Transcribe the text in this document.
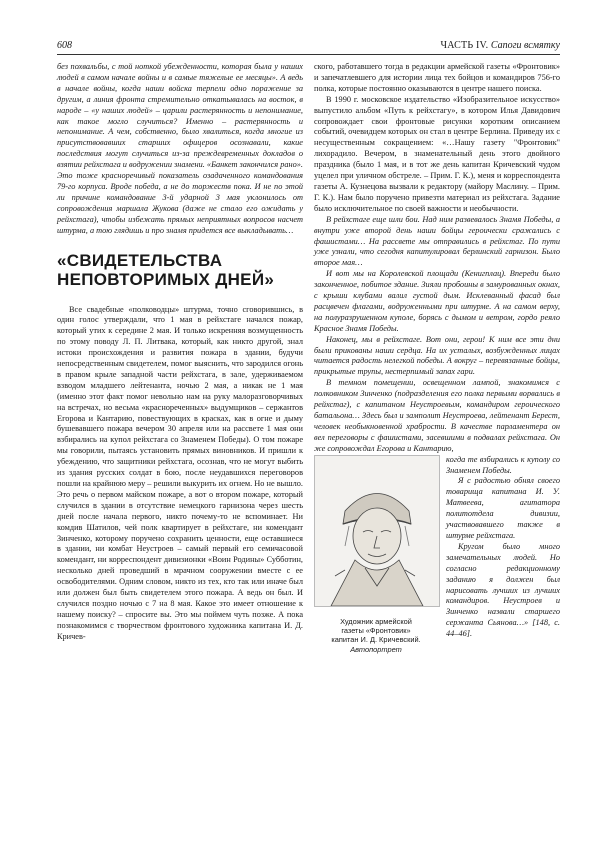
608	ЧАСТЬ IV. Сапоги всмятку

без похвальбы, с той ноткой убежденности, которая была у наших людей в самом начале войны и в самые тяжелые ее месяцы». А ведь в начале войны, когда наши войска терпели одно поражение за другим, а линия фронта стремительно откатывалась на восток, в народе – «у наших людей» – царили растерянность и непонимание, как такое могло случиться? Именно – растерянность и непонимание. А чем, собственно, было хвалиться, когда многие из присутствовавших старших офицеров осознавали, какие последствия могут случиться из-за преждевременных докладов о взятии рейхстага и водружении знамени. «Банкет закончился рано». Это тоже красноречивый показатель озадаченного командования 79-го корпуса. Вроде победа, а не до торжеств пока. И не по этой ли причине командование 3-й ударной 3 мая уклонилось от сопровождения маршала Жукова (даже не стало его ожидать у рейхстага), чтобы избежать прямых неприятных вопросов насчет штурма, а тою глядишь и про знамя придется все выкладывать…

«СВИДЕТЕЛЬСТВА
НЕПОВТОРИМЫХ ДНЕЙ»

Все свадебные «полководцы» штурма, точно сговорившись, в один голос утверждали, что 1 мая в рейхстаге начался пожар, который утих к середине 2 мая. И только искренняя возмущенность по этому поводу Л. П. Литвака, который, как никто другой, знал истоки происхождения и развития пожара в здании, будучи непосредственным свидетелем, помог выяснить, что зародился огонь в правом крыле западной части рейхстага, в зале, удерживаемом взводом младшего лейтенанта, ночью 2 мая, а никак не 1 мая (именно этот факт помог невольно нам на руку малоразговорчивых на встречах, но весьма «краснореченных» выдумщиков – сержантов Егорова и Кантарию, повествующих в красках, как в огне и дыму бушевавшего пожара вечером 30 апреля или на рассвете 1 мая они взбирались на купол рейхстага со Знаменем Победы). О том пожаре мы говорили, пытаясь установить прямых виновников. И пришли к убеждению, что защитники рейхстага, осознав, что не могут выбить из здания русских солдат в бою, после неудавшихся переговоров пошли на крайнюю меру – решили выкурить их огнем. Но не вышло. Это речь о первом майском пожаре, а вот о втором пожаре, который случился в здании в отсутствие немецкого гарнизона через шесть дней после начала первого, никто почему-то не вспоминает. Ни комдив Шатилов, чей полк квартирует в рейхстаге, ни комендант Зинченко, которому поручено сохранить ценности, еще оставшиеся в здании, ни комбат Неустроев – самый первый его семичасовой комендант, ни корреспондент дивизионки «Воин Родины» Субботин, несколько дней проведший в мрачном сооружении вместе с ее освободителями. Одним словом, никто из тех, кто так или иначе был или должен был быть свидетелем этого пожара. А ведь он был. И случился поздно ночью с 7 на 8 мая. Какое это имеет отношение к нашему поиску? – спросите вы. Это мы поймем чуть позже. А пока познакомимся с творчеством фронтового художника капитана И. Д. Кричев-

ского, работавшего тогда в редакции армейской газеты «Фронтовик» и запечатлевшего для истории лица тех бойцов и командиров 756-го полка, которые постоянно оказываются в центре нашего поиска.

В 1990 г. московское издательство «Изобразительное искусство» выпустило альбом «Путь к рейхстагу», в котором Илья Давидович сопровождает свои фронтовые рисунки коротким описанием событий, очевидцем которых он стал в центре Берлина. Приведу их с несущественным сокращением: «…Нашу газету "Фронтовик" лихорадило. Вечером, в знаменательный день этого двойного праздника (было 1 мая, и в тот же день капитан Кричевский чудом уцелел при уличном обстреле. – Прим. Г. К.), меня и корреспондента газеты А. Кузнецова вызвали к редактору (майору Маслину. – Прим. Г. К.). Нам было поручено привезти материал из рейхстага. Задание было исключительное по своей важности и необычности.

В рейхстаге еще шли бои. Над ним развевалось Знамя Победы, а внутри уже второй день наши бойцы героически сражались с фашистами… На рассвете мы отправились в рейхстаг. По пути уже узнали, что сегодня капитулировал берлинский гарнизон. Было второе мая…

И вот мы на Королевской площади (Кенигплац). Впереди было законченное, побитое здание. Зияли пробоины в замурованных окнах, с крыши клубами валил густой дым. Исклеванный фасад был расцвечен флагами, водруженными при штурме. А на самом верху, на полуразрушенном куполе, борясь с дымом и ветром, гордо реяло Красное Знамя Победы.

Наконец, мы в рейхстаге. Вот они, герои! К ним все эти дни были прикованы наши сердца. На их усталых, возбужденных лицах читается радость нелегкой победы. А вокруг – перевязанные бойцы, прикрытые трупы, нестерпимый запах гари.

В темном помещении, освещенном лампой, знакомимся с полковником Зинченко (подразделения его полка первыми ворвались в рейхстаг), с капитаном Неустроевым, командиром героического батальона… Здесь был и замполит Неустроева, лейтенант Берест, человек необыкновенной храбрости. В качестве парламентера он вел переговоры с фашистами, засевшими в подвалах рейхстага. Он же сопровождал Егорова и Кантарию,

Художник армейской
газеты «Фронтовик»
капитан И. Д. Кричевский.
Автопортрет

когда те взбирались к куполу со Знаменем Победы.

Я с радостью обнял своего товарища капитана И. У. Матвеева, агитатора политотдела дивизии, участвовавшего также в штурме рейхстага.

Кругом было много замечательных людей. Но согласно редакционному заданию я должен был нарисовать лучших из лучших командиров. Неустроев и Зинченко назвали старшего сержанта Сьянова…» [148, с. 44–46].
